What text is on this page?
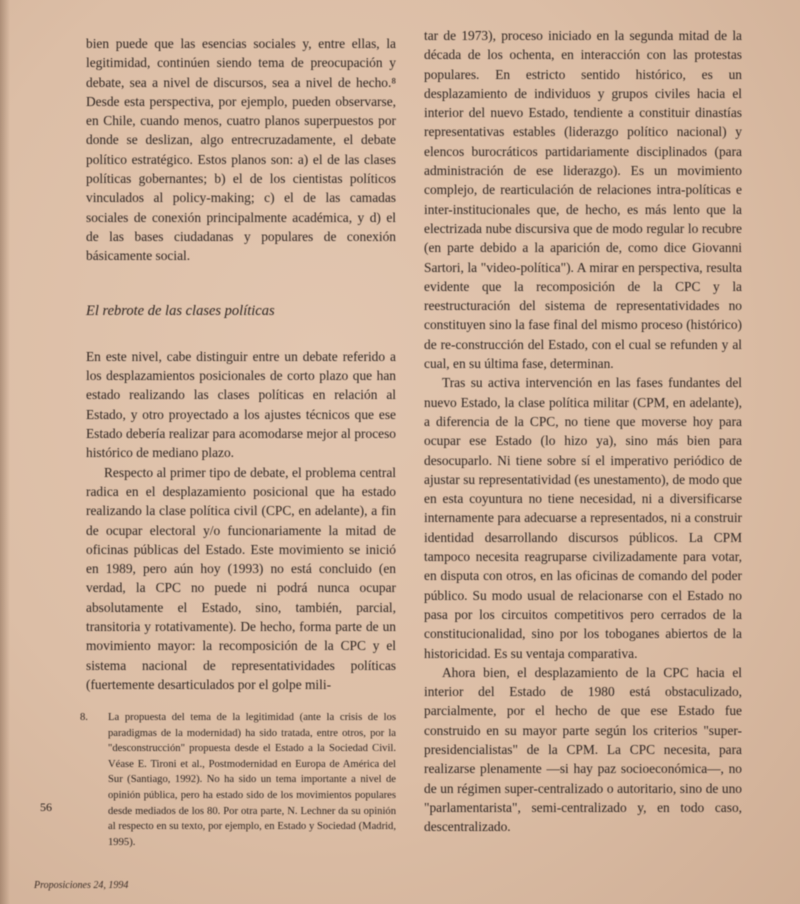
bien puede que las esencias sociales y, entre ellas, la legitimidad, continúen siendo tema de preocupación y debate, sea a nivel de discursos, sea a nivel de hecho.⁸ Desde esta perspectiva, por ejemplo, pueden observarse, en Chile, cuando menos, cuatro planos superpuestos por donde se deslizan, algo entrecruzadamente, el debate político estratégico. Estos planos son: a) el de las clases políticas gobernantes; b) el de los cientistas políticos vinculados al policy-making; c) el de las camadas sociales de conexión principalmente académica, y d) el de las bases ciudadanas y populares de conexión básicamente social.

El rebrote de las clases políticas

En este nivel, cabe distinguir entre un debate referido a los desplazamientos posicionales de corto plazo que han estado realizando las clases políticas en relación al Estado, y otro proyectado a los ajustes técnicos que ese Estado debería realizar para acomodarse mejor al proceso histórico de mediano plazo.

Respecto al primer tipo de debate, el problema central radica en el desplazamiento posicional que ha estado realizando la clase política civil (CPC, en adelante), a fin de ocupar electoral y/o funcionariamente la mitad de oficinas públicas del Estado. Este movimiento se inició en 1989, pero aún hoy (1993) no está concluido (en verdad, la CPC no puede ni podrá nunca ocupar absolutamente el Estado, sino, también, parcial, transitoria y rotativamente). De hecho, forma parte de un movimiento mayor: la recomposición de la CPC y el sistema nacional de representatividades políticas (fuertemente desarticulados por el golpe mili-

8. La propuesta del tema de la legitimidad (ante la crisis de los paradigmas de la modernidad) ha sido tratada, entre otros, por la "desconstrucción" propuesta desde el Estado a la Sociedad Civil. Véase E. Tironi et al., Postmodernidad en Europa de América del Sur (Santiago, 1992). No ha sido un tema importante a nivel de opinión pública, pero ha estado sido de los movimientos populares desde mediados de los 80. Por otra parte, N. Lechner da su opinión al respecto en su texto, por ejemplo, en Estado y Sociedad (Madrid, 1995).
56

tar de 1973), proceso iniciado en la segunda mitad de la década de los ochenta, en interacción con las protestas populares. En estricto sentido histórico, es un desplazamiento de individuos y grupos civiles hacia el interior del nuevo Estado, tendiente a constituir dinastías representativas estables (liderazgo político nacional) y elencos burocráticos partidariamente disciplinados (para administración de ese liderazgo). Es un movimiento complejo, de rearticulación de relaciones intra-políticas e inter-institucionales que, de hecho, es más lento que la electrizada nube discursiva que de modo regular lo recubre (en parte debido a la aparición de, como dice Giovanni Sartori, la "video-política"). A mirar en perspectiva, resulta evidente que la recomposición de la CPC y la reestructuración del sistema de representatividades no constituyen sino la fase final del mismo proceso (histórico) de re-construcción del Estado, con el cual se refunden y al cual, en su última fase, determinan.

Tras su activa intervención en las fases fundantes del nuevo Estado, la clase política militar (CPM, en adelante), a diferencia de la CPC, no tiene que moverse hoy para ocupar ese Estado (lo hizo ya), sino más bien para desocuparlo. Ni tiene sobre sí el imperativo periódico de ajustar su representatividad (es unestamento), de modo que en esta coyuntura no tiene necesidad, ni a diversificarse internamente para adecuarse a representados, ni a construir identidad desarrollando discursos públicos. La CPM tampoco necesita reagruparse civilizadamente para votar, en disputa con otros, en las oficinas de comando del poder público. Su modo usual de relacionarse con el Estado no pasa por los circuitos competitivos pero cerrados de la constitucionalidad, sino por los toboganes abiertos de la historicidad. Es su ventaja comparativa.

Ahora bien, el desplazamiento de la CPC hacia el interior del Estado de 1980 está obstaculizado, parcialmente, por el hecho de que ese Estado fue construido en su mayor parte según los criterios "super-presidencialistas" de la CPM. La CPC necesita, para realizarse plenamente —si hay paz socioeconómica—, no de un régimen super-centralizado o autoritario, sino de uno "parlamentarista", semi-centralizado y, en todo caso, descentralizado.

Proposiciones 24, 1994
